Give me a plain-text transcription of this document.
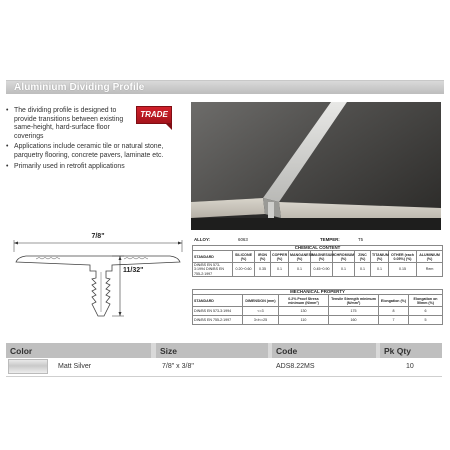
Aluminium Dividing Profile
• The dividing profile is designed to provide transitions between existing same-height, hard-surface floor coverings
• Applications include ceramic tile or natural stone, parquetry flooring, concrete pavers, laminate etc.
• Primarily used in retrofit applications
TRADE
7/8"
11/32"
ALLOY:	6063	TEMPER:	T5
CHEMICAL CONTENT										
STANDARD	SILICONE (%)	IRON (%)	COPPER (%)	MANGANESE (%)	MAGNESIUM (%)	CHROMIUM (%)	ZINC (%)	TITANIUM (%)	OTHER (each 0.05%) (%)	ALUMINIUM (%)
DIN/BS EN 573-3:1994 DIN/BS EN 755-2:1997	0.20~0.60	0.35	0.1	0.1	0.45~0.90	0.1	0.1	0.1	0.15	Rem
MECHANICAL PROPERTY					
STANDARD	DIMENSION (mm)	0.2% Proof Stress minimum (N/mm²)	Tensile Strength minimum (N/mm²)	Elongation (%)	Elongation on 50mm (%)
DIN/BS EN 573-3:1994	<=3	130	175	8	6
DIN/BS EN 755-2:1997	3<t<=25	110	160	7	5
Color	Size	Code	Pk Qty
Matt Silver	7/8" x 3/8"	ADS8.22MS	10
